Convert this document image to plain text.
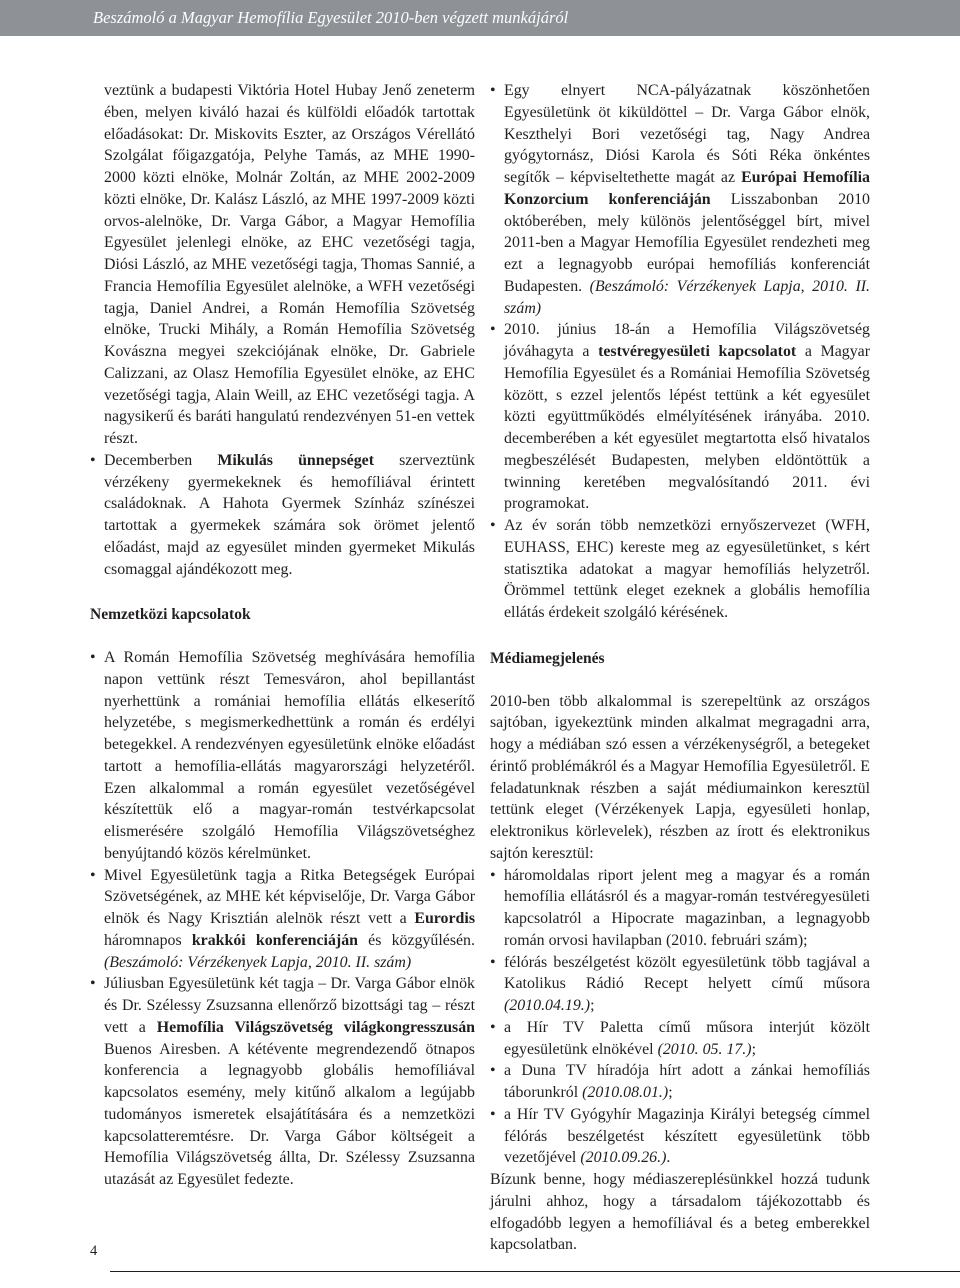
Beszámoló a Magyar Hemofília Egyesület 2010-ben végzett munkájáról

veztünk a budapesti Viktória Hotel Hubay Jenő zeneterm ében, melyen kiváló hazai és külföldi előadók tartottak előadásokat: Dr. Miskovits Eszter, az Országos Vérellátó Szolgálat főigazgatója, Pelyhe Tamás, az MHE 1990-2000 közti elnöke, Molnár Zoltán, az MHE 2002-2009 közti elnöke, Dr. Kalász László, az MHE 1997-2009 közti orvos-alelnöke, Dr. Varga Gábor, a Magyar Hemofília Egyesület jelenlegi elnöke, az EHC vezetőségi tagja, Diósi László, az MHE vezetőségi tagja, Thomas Sannié, a Francia Hemofília Egyesület alelnöke, a WFH vezetőségi tagja, Daniel Andrei, a Román Hemofília Szövetség elnöke, Trucki Mihály, a Román Hemofília Szövetség Kovászna megyei szekciójának elnöke, Dr. Gabriele Calizzani, az Olasz Hemofília Egyesület elnöke, az EHC vezetőségi tagja, Alain Weill, az EHC vezetőségi tagja. A nagysikerű és baráti hangulatú rendezvényen 51-en vettek részt.

• Decemberben Mikulás ünnepséget szerveztünk vérzékeny gyermekeknek és hemofíliával érintett családoknak. A Hahota Gyermek Színház színészei tartottak a gyermekek számára sok örömet jelentő előadást, majd az egyesület minden gyermeket Mikulás csomaggal ajándékozott meg.

Nemzetközi kapcsolatok

• A Román Hemofília Szövetség meghívására hemofília napon vettünk részt Temesváron, ahol bepillantást nyerhettünk a romániai hemofília ellátás elkeserítő helyzetébe, s megismerkedhettünk a román és erdélyi betegekkel. A rendezvényen egyesületünk elnöke előadást tartott a hemofília-ellátás magyarországi helyzetéről. Ezen alkalommal a román egyesület vezetőségével készítettük elő a magyar-román testvérkapcsolat elismerésére szolgáló Hemofília Világszövetséghez benyújtandó közös kérelmünket.
• Mivel Egyesületünk tagja a Ritka Betegségek Európai Szövetségének, az MHE két képviselője, Dr. Varga Gábor elnök és Nagy Krisztián alelnök részt vett a Eurordis háromnapos krakkói konferenciáján és közgyűlésén. (Beszámoló: Vérzékenyek Lapja, 2010. II. szám)
• Júliusban Egyesületünk két tagja – Dr. Varga Gábor elnök és Dr. Szélessy Zsuzsanna ellenőrző bizottsági tag – részt vett a Hemofília Világszövetség világkongresszusán Buenos Airesben. A kétévente megrendezendő ötnapos konferencia a legnagyobb globális hemofíliával kapcsolatos esemény, mely kitűnő alkalom a legújabb tudományos ismeretek elsajátítására és a nemzetközi kapcsolatteremtésre. Dr. Varga Gábor költségeit a Hemofília Világszövetség állta, Dr. Szélessy Zsuzsanna utazását az Egyesület fedezte.
• Egy elnyert NCA-pályázatnak köszönhetően Egyesületünk öt kiküldöttel – Dr. Varga Gábor elnök, Keszthelyi Bori vezetőségi tag, Nagy Andrea gyógytornász, Diósi Karola és Sóti Réka önkéntes segítők – képviseltethette magát az Európai Hemofília Konzorcium konferenciáján Lisszabonban 2010 októberében, mely különös jelentőséggel bírt, mivel 2011-ben a Magyar Hemofília Egyesület rendezheti meg ezt a legnagyobb európai hemofíliás konferenciát Budapesten. (Beszámoló: Vérzékenyek Lapja, 2010. II. szám)
• 2010. június 18-án a Hemofília Világszövetség jóváhagyta a testvéregyesületi kapcsolatot a Magyar Hemofília Egyesület és a Romániai Hemofília Szövetség között, s ezzel jelentős lépést tettünk a két egyesület közti együttműködés elmélyítésének irányába. 2010. decemberében a két egyesület megtartotta első hivatalos megbeszélését Budapesten, melyben eldöntöttük a twinning keretében megvalósítandó 2011. évi programokat.
• Az év során több nemzetközi ernyőszervezet (WFH, EUHASS, EHC) kereste meg az egyesületünket, s kért statisztika adatokat a magyar hemofíliás helyzetről. Örömmel tettünk eleget ezeknek a globális hemofília ellátás érdekeit szolgáló kérésének.

Médiamegjelenés

2010-ben több alkalommal is szerepeltünk az országos sajtóban, igyekeztünk minden alkalmat megragadni arra, hogy a médiában szó essen a vérzékenységről, a betegeket érintő problémákról és a Magyar Hemofília Egyesületről. E feladatunknak részben a saját médiumainkon keresztül tettünk eleget (Vérzékenyek Lapja, egyesületi honlap, elektronikus körlevelek), részben az írott és elektronikus sajtón keresztül:

• háromoldalas riport jelent meg a magyar és a román hemofília ellátásról és a magyar-román testvéregyesületi kapcsolatról a Hipocrate magazinban, a legnagyobb román orvosi havilapban (2010. februári szám);
• félórás beszélgetést közölt egyesületünk több tagjával a Katolikus Rádió Recept helyett című műsora (2010.04.19.);
• a Hír TV Paletta című műsora interjút közölt egyesületünk elnökével (2010. 05. 17.);
• a Duna TV híradója hírt adott a zánkai hemofíliás táborunkról (2010.08.01.);
• a Hír TV Gyógyhír Magazinja Királyi betegség címmel félórás beszélgetést készített egyesületünk több vezetőjével (2010.09.26.).

Bízunk benne, hogy médiaszereplésünkkel hozzá tudunk járulni ahhoz, hogy a társadalom tájékozottabb és elfogadóbb legyen a hemofíliával és a beteg emberekkel kapcsolatban.

4
